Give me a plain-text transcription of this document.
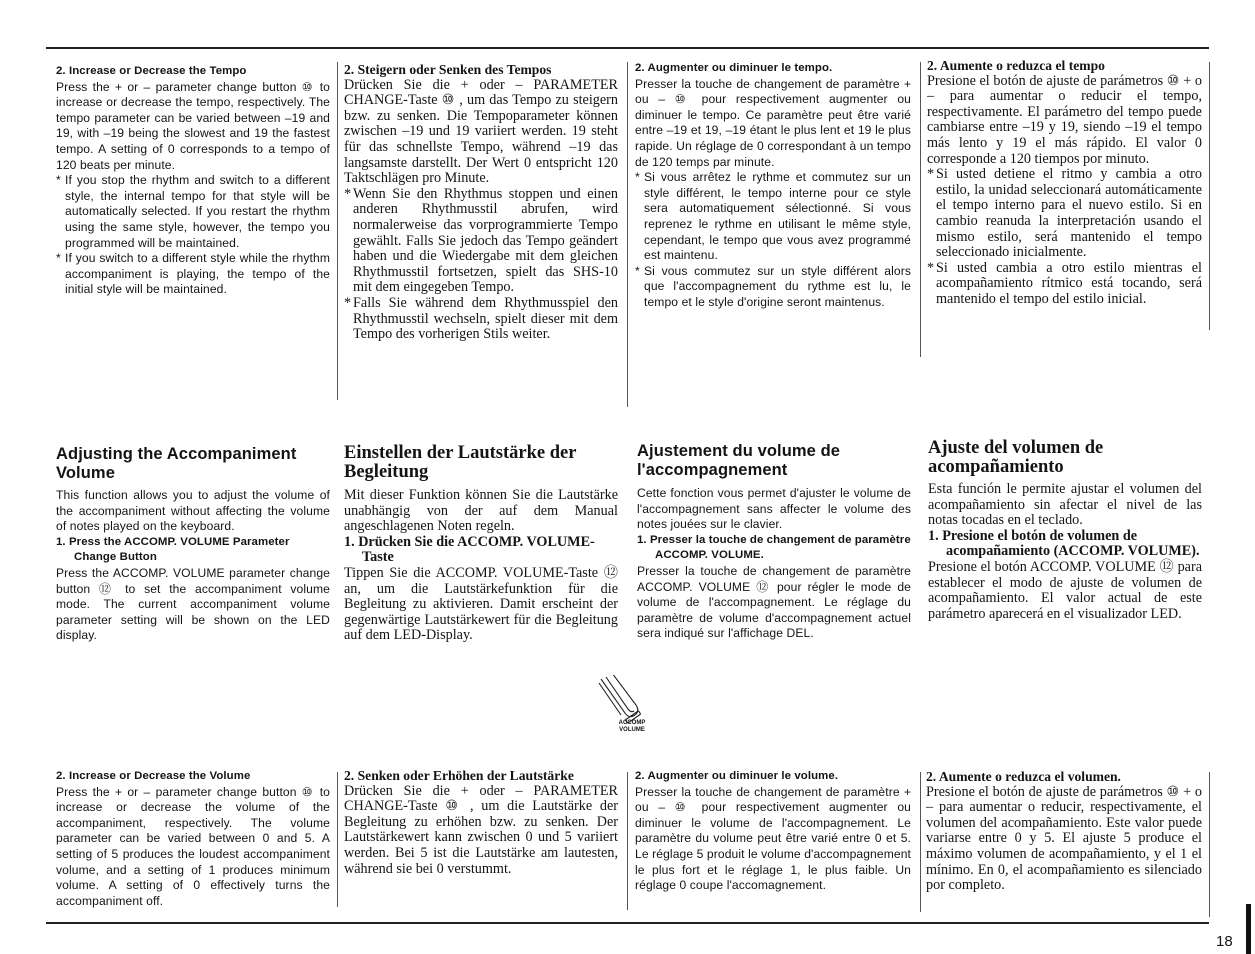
2. Increase or Decrease the Tempo

Press the + or – parameter change button ⑩ to increase or decrease the tempo, respectively. The tempo parameter can be varied between –19 and 19, with –19 being the slowest and 19 the fastest tempo. A setting of 0 corresponds to a tempo of 120 beats per minute.

* If you stop the rhythm and switch to a different style, the internal tempo for that style will be automatically selected. If you restart the rhythm using the same style, however, the tempo you programmed will be maintained.
* If you switch to a different style while the rhythm accompaniment is playing, the tempo of the initial style will be maintained.
2. Steigern oder Senken des Tempos

Drücken Sie die + oder – PARAMETER CHANGE-Taste ⑩ , um das Tempo zu steigern bzw. zu senken. Die Tempoparameter können zwischen –19 und 19 variiert werden. 19 steht für das schnellste Tempo, während –19 das langsamste darstellt. Der Wert 0 entspricht 120 Taktschlägen pro Minute.

* Wenn Sie den Rhythmus stoppen und einen anderen Rhythmusstil abrufen, wird normalerweise das vorprogrammierte Tempo gewählt. Falls Sie jedoch das Tempo geändert haben und die Wiedergabe mit dem gleichen Rhythmusstil fortsetzen, spielt das SHS-10 mit dem eingegeben Tempo.
* Falls Sie während dem Rhythmusspiel den Rhythmusstil wechseln, spielt dieser mit dem Tempo des vorherigen Stils weiter.
2. Augmenter ou diminuer le tempo.

Presser la touche de changement de paramètre + ou – ⑩ pour respectivement augmenter ou diminuer le tempo. Ce paramètre peut être varié entre –19 et 19, –19 étant le plus lent et 19 le plus rapide. Un réglage de 0 correspondant à un tempo de 120 temps par minute.

* Si vous arrêtez le rythme et commutez sur un style différent, le tempo interne pour ce style sera automatiquement sélectionné. Si vous reprenez le rythme en utilisant le même style, cependant, le tempo que vous avez programmé est maintenu.
* Si vous commutez sur un style différent alors que l'accompagnement du rythme est lu, le tempo et le style d'origine seront maintenus.
2. Aumente o reduzca el tempo

Presione el botón de ajuste de parámetros ⑩ + o – para aumentar o reducir el tempo, respectivamente. El parámetro del tempo puede cambiarse entre –19 y 19, siendo –19 el tempo más lento y 19 el más rápido. El valor 0 corresponde a 120 tiempos por minuto.

* Si usted detiene el ritmo y cambia a otro estilo, la unidad seleccionará automáticamente el tempo interno para el nuevo estilo. Si en cambio reanuda la interpretación usando el mismo estilo, será mantenido el tempo seleccionado inicialmente.
* Si usted cambia a otro estilo mientras el acompañamiento rítmico está tocando, será mantenido el tempo del estilo inicial.
Adjusting the Accompaniment Volume

This function allows you to adjust the volume of the accompaniment without affecting the volume of notes played on the keyboard.

1. Press the ACCOMP. VOLUME Parameter Change Button

Press the ACCOMP. VOLUME parameter change button ⑫ to set the accompaniment volume mode. The current accompaniment volume parameter setting will be shown on the LED display.

Einstellen der Lautstärke der Begleitung

Mit dieser Funktion können Sie die Lautstärke unabhängig von der auf dem Manual angeschlagenen Noten regeln.

1. Drücken Sie die ACCOMP. VOLUME-Taste

Tippen Sie die ACCOMP. VOLUME-Taste ⑫ an, um die Lautstärkefunktion für die Begleitung zu aktivieren. Damit erscheint der gegenwärtige Lautstärkewert für die Begleitung auf dem LED-Display.

Ajustement du volume de l'accompagnement

Cette fonction vous permet d'ajuster le volume de l'accompagnement sans affecter le volume des notes jouées sur le clavier.

1. Presser la touche de changement de paramètre ACCOMP. VOLUME.

Presser la touche de changement de paramètre ACCOMP. VOLUME ⑫ pour régler le mode de volume de l'accompagnement. Le réglage du paramètre de volume d'accompagnement actuel sera indiqué sur l'affichage DEL.

Ajuste del volumen de acompañamiento

Esta función le permite ajustar el volumen del acompañamiento sin afectar el nivel de las notas tocadas en el teclado.

1. Presione el botón de volumen de acompañamiento (ACCOMP. VOLUME).

Presione el botón ACCOMP. VOLUME ⑫ para establecer el modo de ajuste de volumen de acompañamiento. El valor actual de este parámetro aparecerá en el visualizador LED.

ACCOMP
VOLUME
2. Increase or Decrease the Volume

Press the + or – parameter change button ⑩ to increase or decrease the volume of the accompaniment, respectively. The volume parameter can be varied between 0 and 5. A setting of 5 produces the loudest accompaniment volume, and a setting of 1 produces minimum volume. A setting of 0 effectively turns the accompaniment off.

2. Senken oder Erhöhen der Lautstärke

Drücken Sie die + oder – PARAMETER CHANGE-Taste ⑩ , um die Lautstärke der Begleitung zu erhöhen bzw. zu senken. Der Lautstärkewert kann zwischen 0 und 5 variiert werden. Bei 5 ist die Lautstärke am lautesten, während sie bei 0 verstummt.

2. Augmenter ou diminuer le volume.

Presser la touche de changement de paramètre + ou – ⑩ pour respectivement augmenter ou diminuer le volume de l'accompagnement. Le paramètre du volume peut être varié entre 0 et 5. Le réglage 5 produit le volume d'accompagnement le plus fort et le réglage 1, le plus faible. Un réglage 0 coupe l'accomagnement.

2. Aumente o reduzca el volumen.

Presione el botón de ajuste de parámetros ⑩ + o – para aumentar o reducir, respectivamente, el volumen del acompañamiento. Este valor puede variarse entre 0 y 5. El ajuste 5 produce el máximo volumen de acompañamiento, y el 1 el mínimo. En 0, el acompañamiento es silenciado por completo.

18
